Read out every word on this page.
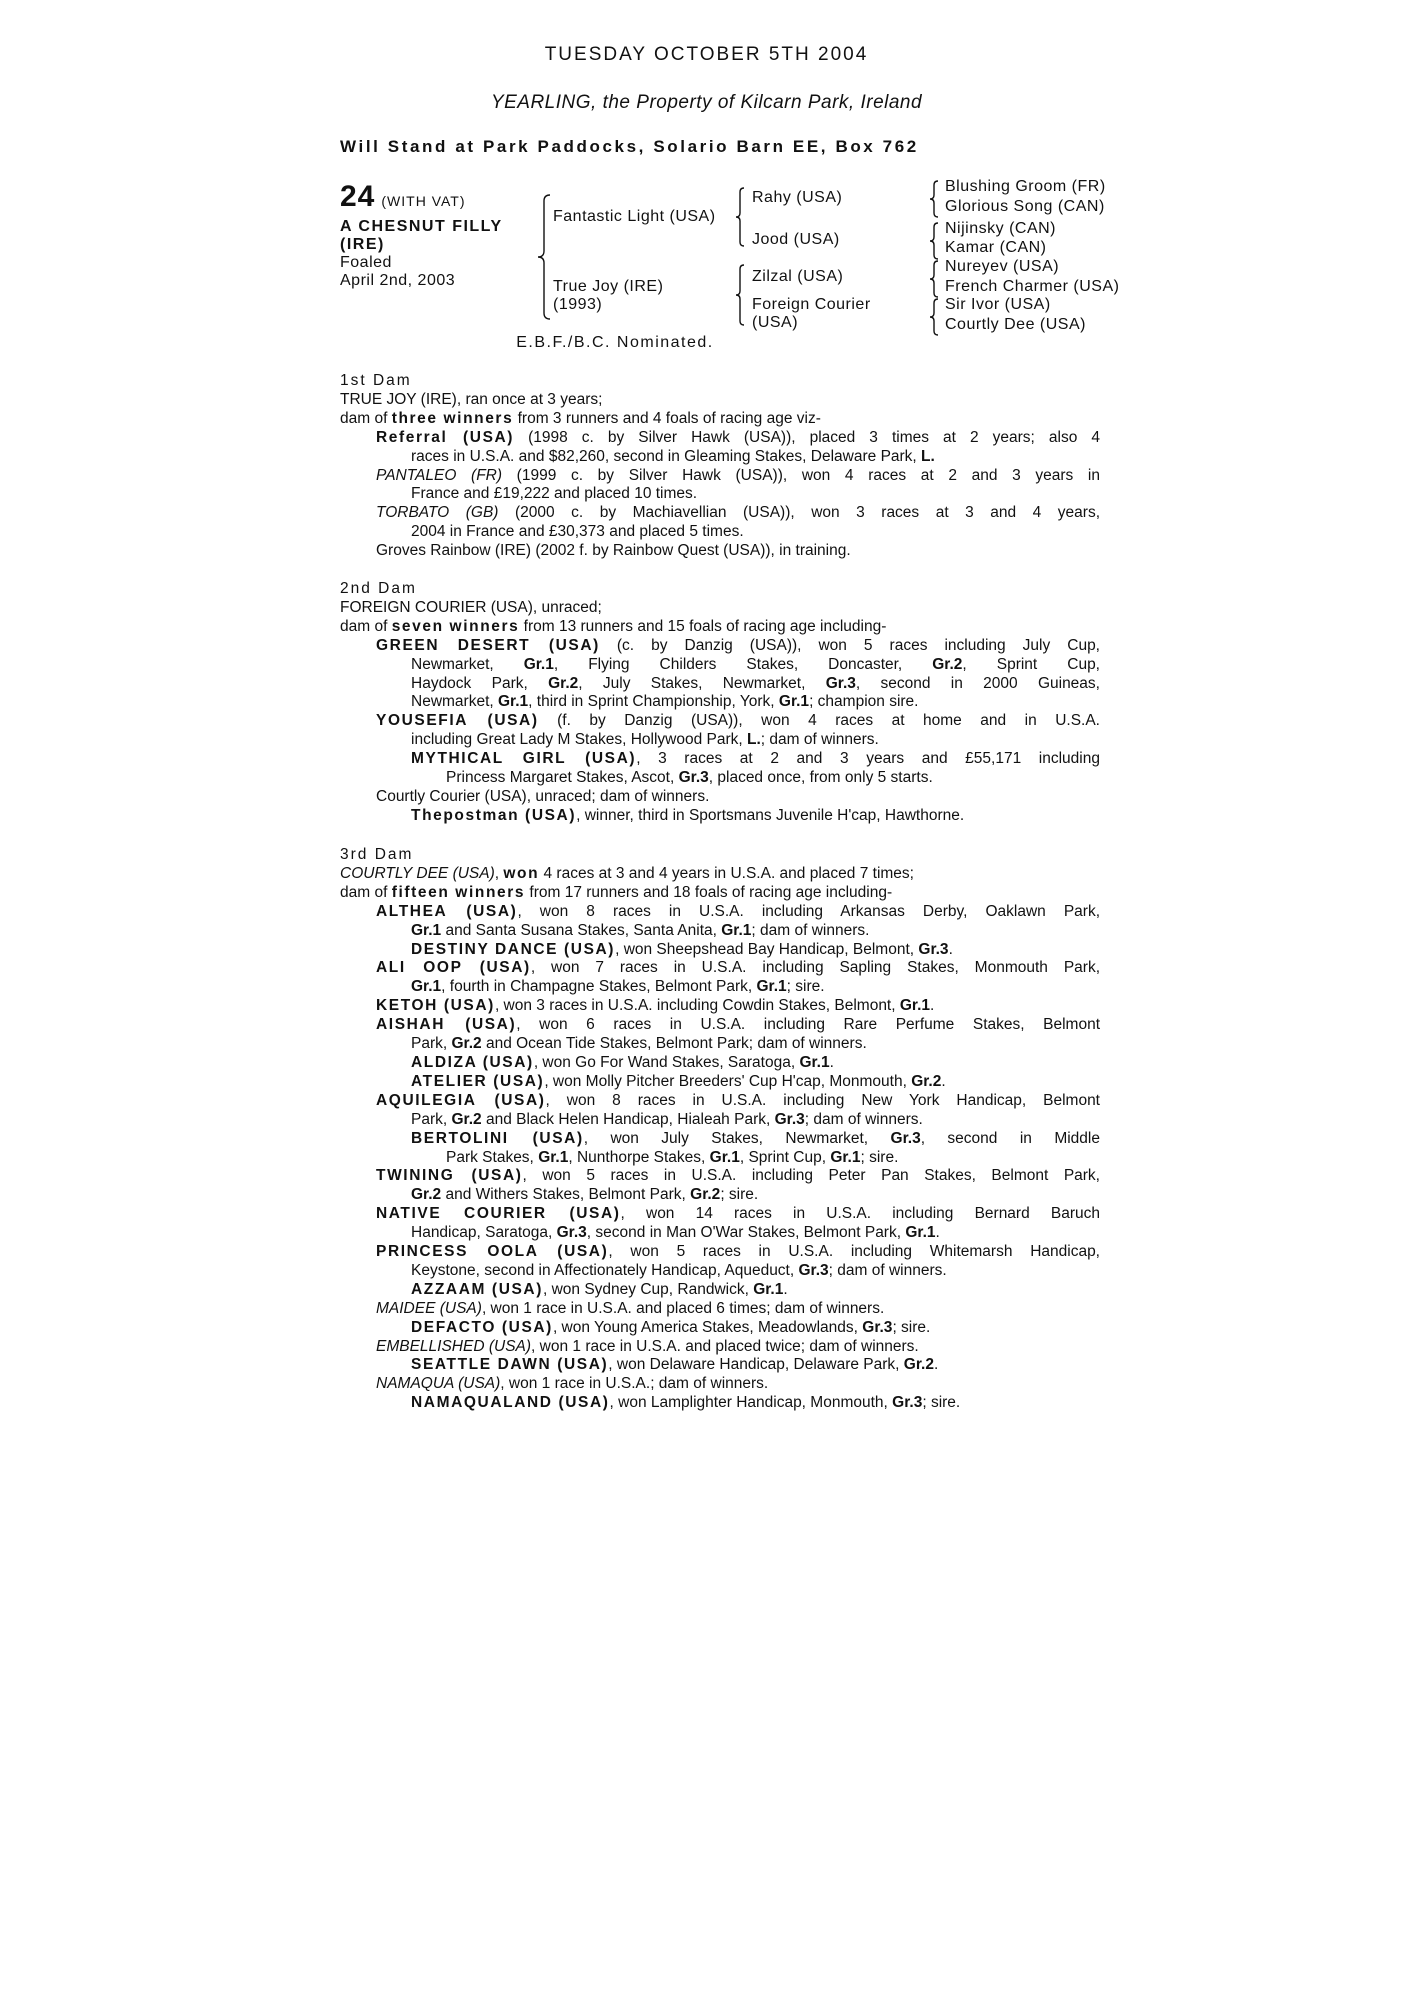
TUESDAY OCTOBER 5TH 2004
YEARLING, the Property of Kilcarn Park, Ireland
Will Stand at Park Paddocks, Solario Barn EE, Box 762
24 (WITH VAT)
A CHESNUT FILLY
(IRE)
Foaled
April 2nd, 2003
Fantastic Light (USA)
True Joy (IRE)
(1993)
Rahy (USA)
Jood (USA)
Zilzal (USA)
Foreign Courier
(USA)
Blushing Groom (FR)
Glorious Song (CAN)
Nijinsky (CAN)
Kamar (CAN)
Nureyev (USA)
French Charmer (USA)
Sir Ivor (USA)
Courtly Dee (USA)
E.B.F./B.C. Nominated.
1st Dam
TRUE JOY (IRE), ran once at 3 years;
dam of three winners from 3 runners and 4 foals of racing age viz-
Referral (USA) (1998 c. by Silver Hawk (USA)), placed 3 times at 2 years; also 4
races in U.S.A. and $82,260, second in Gleaming Stakes, Delaware Park, L.
PANTALEO (FR) (1999 c. by Silver Hawk (USA)), won 4 races at 2 and 3 years in
France and £19,222 and placed 10 times.
TORBATO (GB) (2000 c. by Machiavellian (USA)), won 3 races at 3 and 4 years,
2004 in France and £30,373 and placed 5 times.
Groves Rainbow (IRE) (2002 f. by Rainbow Quest (USA)), in training.
2nd Dam
FOREIGN COURIER (USA), unraced;
dam of seven winners from 13 runners and 15 foals of racing age including-
GREEN DESERT (USA) (c. by Danzig (USA)), won 5 races including July Cup,
Newmarket, Gr.1, Flying Childers Stakes, Doncaster, Gr.2, Sprint Cup,
Haydock Park, Gr.2, July Stakes, Newmarket, Gr.3, second in 2000 Guineas,
Newmarket, Gr.1, third in Sprint Championship, York, Gr.1; champion sire.
YOUSEFIA (USA) (f. by Danzig (USA)), won 4 races at home and in U.S.A.
including Great Lady M Stakes, Hollywood Park, L.; dam of winners.
MYTHICAL GIRL (USA), 3 races at 2 and 3 years and £55,171 including
Princess Margaret Stakes, Ascot, Gr.3, placed once, from only 5 starts.
Courtly Courier (USA), unraced; dam of winners.
Thepostman (USA), winner, third in Sportsmans Juvenile H'cap, Hawthorne.
3rd Dam
COURTLY DEE (USA), won 4 races at 3 and 4 years in U.S.A. and placed 7 times;
dam of fifteen winners from 17 runners and 18 foals of racing age including-
ALTHEA (USA), won 8 races in U.S.A. including Arkansas Derby, Oaklawn Park,
Gr.1 and Santa Susana Stakes, Santa Anita, Gr.1; dam of winners.
DESTINY DANCE (USA), won Sheepshead Bay Handicap, Belmont, Gr.3.
ALI OOP (USA), won 7 races in U.S.A. including Sapling Stakes, Monmouth Park,
Gr.1, fourth in Champagne Stakes, Belmont Park, Gr.1; sire.
KETOH (USA), won 3 races in U.S.A. including Cowdin Stakes, Belmont, Gr.1.
AISHAH (USA), won 6 races in U.S.A. including Rare Perfume Stakes, Belmont
Park, Gr.2 and Ocean Tide Stakes, Belmont Park; dam of winners.
ALDIZA (USA), won Go For Wand Stakes, Saratoga, Gr.1.
ATELIER (USA), won Molly Pitcher Breeders' Cup H'cap, Monmouth, Gr.2.
AQUILEGIA (USA), won 8 races in U.S.A. including New York Handicap, Belmont
Park, Gr.2 and Black Helen Handicap, Hialeah Park, Gr.3; dam of winners.
BERTOLINI (USA), won July Stakes, Newmarket, Gr.3, second in Middle
Park Stakes, Gr.1, Nunthorpe Stakes, Gr.1, Sprint Cup, Gr.1; sire.
TWINING (USA), won 5 races in U.S.A. including Peter Pan Stakes, Belmont Park,
Gr.2 and Withers Stakes, Belmont Park, Gr.2; sire.
NATIVE COURIER (USA), won 14 races in U.S.A. including Bernard Baruch
Handicap, Saratoga, Gr.3, second in Man O'War Stakes, Belmont Park, Gr.1.
PRINCESS OOLA (USA), won 5 races in U.S.A. including Whitemarsh Handicap,
Keystone, second in Affectionately Handicap, Aqueduct, Gr.3; dam of winners.
AZZAAM (USA), won Sydney Cup, Randwick, Gr.1.
MAIDEE (USA), won 1 race in U.S.A. and placed 6 times; dam of winners.
DEFACTO (USA), won Young America Stakes, Meadowlands, Gr.3; sire.
EMBELLISHED (USA), won 1 race in U.S.A. and placed twice; dam of winners.
SEATTLE DAWN (USA), won Delaware Handicap, Delaware Park, Gr.2.
NAMAQUA (USA), won 1 race in U.S.A.; dam of winners.
NAMAQUALAND (USA), won Lamplighter Handicap, Monmouth, Gr.3; sire.
